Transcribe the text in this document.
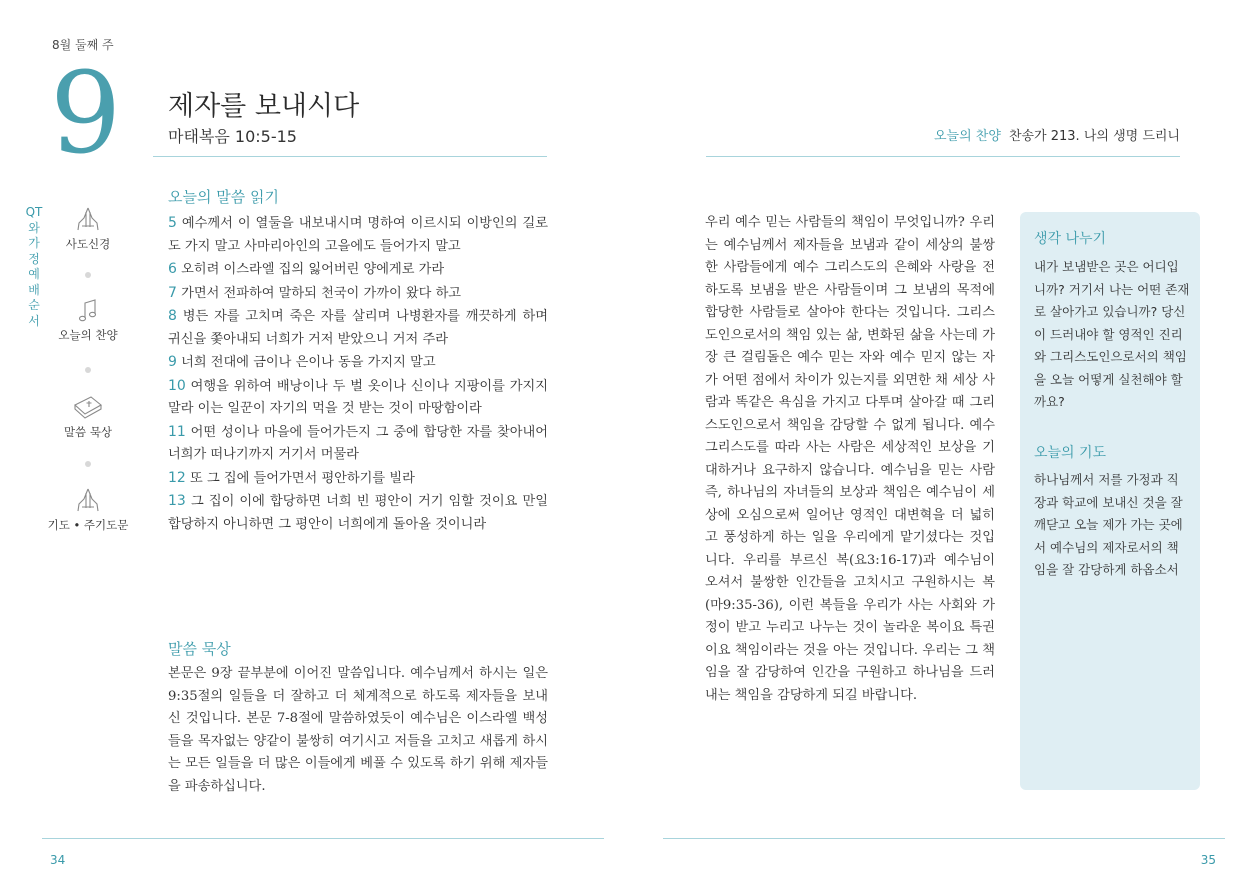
8월 둘째 주
9 제자를 보내시다
마태복음 10:5-15	오늘의 찬양 찬송가 213. 나의 생명 드리니
QT와 가정예배 순서
사도신경
오늘의 찬양
말씀 묵상
기도 • 주기도문
오늘의 말씀 읽기

5 예수께서 이 열둘을 내보내시며 명하여 이르시되 이방인의 길로도 가지 말고 사마리아인의 고을에도 들어가지 말고

6 오히려 이스라엘 집의 잃어버린 양에게로 가라

7 가면서 전파하여 말하되 천국이 가까이 왔다 하고

8 병든 자를 고치며 죽은 자를 살리며 나병환자를 깨끗하게 하며 귀신을 쫓아내되 너희가 거저 받았으니 거저 주라

9 너희 전대에 금이나 은이나 동을 가지지 말고

10 여행을 위하여 배낭이나 두 벌 옷이나 신이나 지팡이를 가지지 말라 이는 일꾼이 자기의 먹을 것 받는 것이 마땅함이라

11 어떤 성이나 마을에 들어가든지 그 중에 합당한 자를 찾아내어 너희가 떠나기까지 거기서 머물라

12 또 그 집에 들어가면서 평안하기를 빌라

13 그 집이 이에 합당하면 너희 빈 평안이 거기 임할 것이요 만일 합당하지 아니하면 그 평안이 너희에게 돌아올 것이니라

말씀 묵상
본문은 9장 끝부분에 이어진 말씀입니다. 예수님께서 하시는 일은 9:35절의 일들을 더 잘하고 더 체계적으로 하도록 제자들을 보내신 것입니다. 본문 7-8절에 말씀하였듯이 예수님은 이스라엘 백성들을 목자없는 양같이 불쌍히 여기시고 저들을 고치고 새롭게 하시는 모든 일들을 더 많은 이들에게 베풀 수 있도록 하기 위해 제자들을 파송하십니다.
우리 예수 믿는 사람들의 책임이 무엇입니까? 우리는 예수님께서 제자들을 보냄과 같이 세상의 불쌍한 사람들에게 예수 그리스도의 은혜와 사랑을 전하도록 보냄을 받은 사람들이며 그 보냄의 목적에 합당한 사람들로 살아야 한다는 것입니다. 그리스도인으로서의 책임 있는 삶, 변화된 삶을 사는데 가장 큰 걸림돌은 예수 믿는 자와 예수 믿지 않는 자가 어떤 점에서 차이가 있는지를 외면한 채 세상 사람과 똑같은 욕심을 가지고 다투며 살아갈 때 그리스도인으로서 책임을 감당할 수 없게 됩니다. 예수 그리스도를 따라 사는 사람은 세상적인 보상을 기대하거나 요구하지 않습니다. 예수님을 믿는 사람 즉, 하나님의 자녀들의 보상과 책임은 예수님이 세상에 오심으로써 일어난 영적인 대변혁을 더 넓히고 풍성하게 하는 일을 우리에게 맡기셨다는 것입니다. 우리를 부르신 복(요3:16-17)과 예수님이 오셔서 불쌍한 인간들을 고치시고 구원하시는 복(마9:35-36), 이런 복들을 우리가 사는 사회와 가정이 받고 누리고 나누는 것이 놀라운 복이요 특권이요 책임이라는 것을 아는 것입니다. 우리는 그 책임을 잘 감당하여 인간을 구원하고 하나님을 드러내는 책임을 감당하게 되길 바랍니다.
생각 나누기
내가 보냄받은 곳은 어디입니까? 거기서 나는 어떤 존재로 살아가고 있습니까? 당신이 드러내야 할 영적인 진리와 그리스도인으로서의 책임을 오늘 어떻게 실천해야 할까요?
오늘의 기도
하나님께서 저를 가정과 직장과 학교에 보내신 것을 잘 깨닫고 오늘 제가 가는 곳에서 예수님의 제자로서의 책임을 잘 감당하게 하옵소서
34	35
